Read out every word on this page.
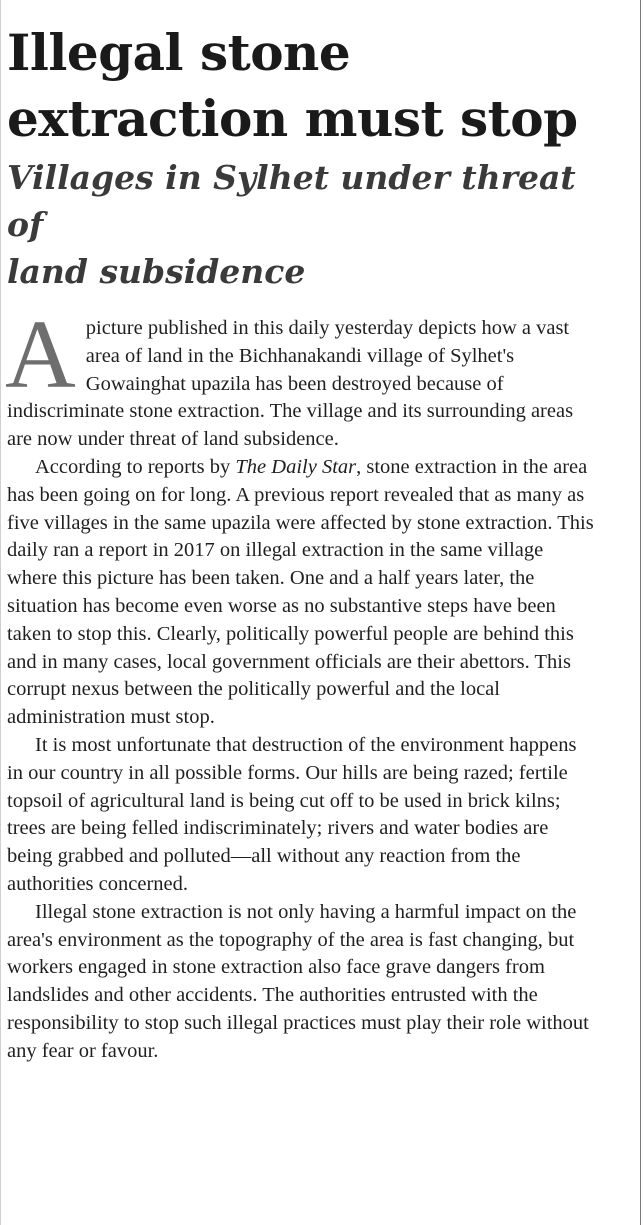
Illegal stone
extraction must stop
Villages in Sylhet under threat of
land subsidence

Apicture published in this daily yesterday depicts how a vast area of land in the Bichhanakandi village of Sylhet's Gowainghat upazila has been destroyed because of indiscriminate stone extraction. The village and its surrounding areas are now under threat of land subsidence.

According to reports by The Daily Star, stone extraction in the area has been going on for long. A previous report revealed that as many as five villages in the same upazila were affected by stone extraction. This daily ran a report in 2017 on illegal extraction in the same village where this picture has been taken. One and a half years later, the situation has become even worse as no substantive steps have been taken to stop this. Clearly, politically powerful people are behind this and in many cases, local government officials are their abettors. This corrupt nexus between the politically powerful and the local administration must stop.

It is most unfortunate that destruction of the environment happens in our country in all possible forms. Our hills are being razed; fertile topsoil of agricultural land is being cut off to be used in brick kilns; trees are being felled indiscriminately; rivers and water bodies are being grabbed and polluted—all without any reaction from the authorities concerned.

Illegal stone extraction is not only having a harmful impact on the area's environment as the topography of the area is fast changing, but workers engaged in stone extraction also face grave dangers from landslides and other accidents. The authorities entrusted with the responsibility to stop such illegal practices must play their role without any fear or favour.
